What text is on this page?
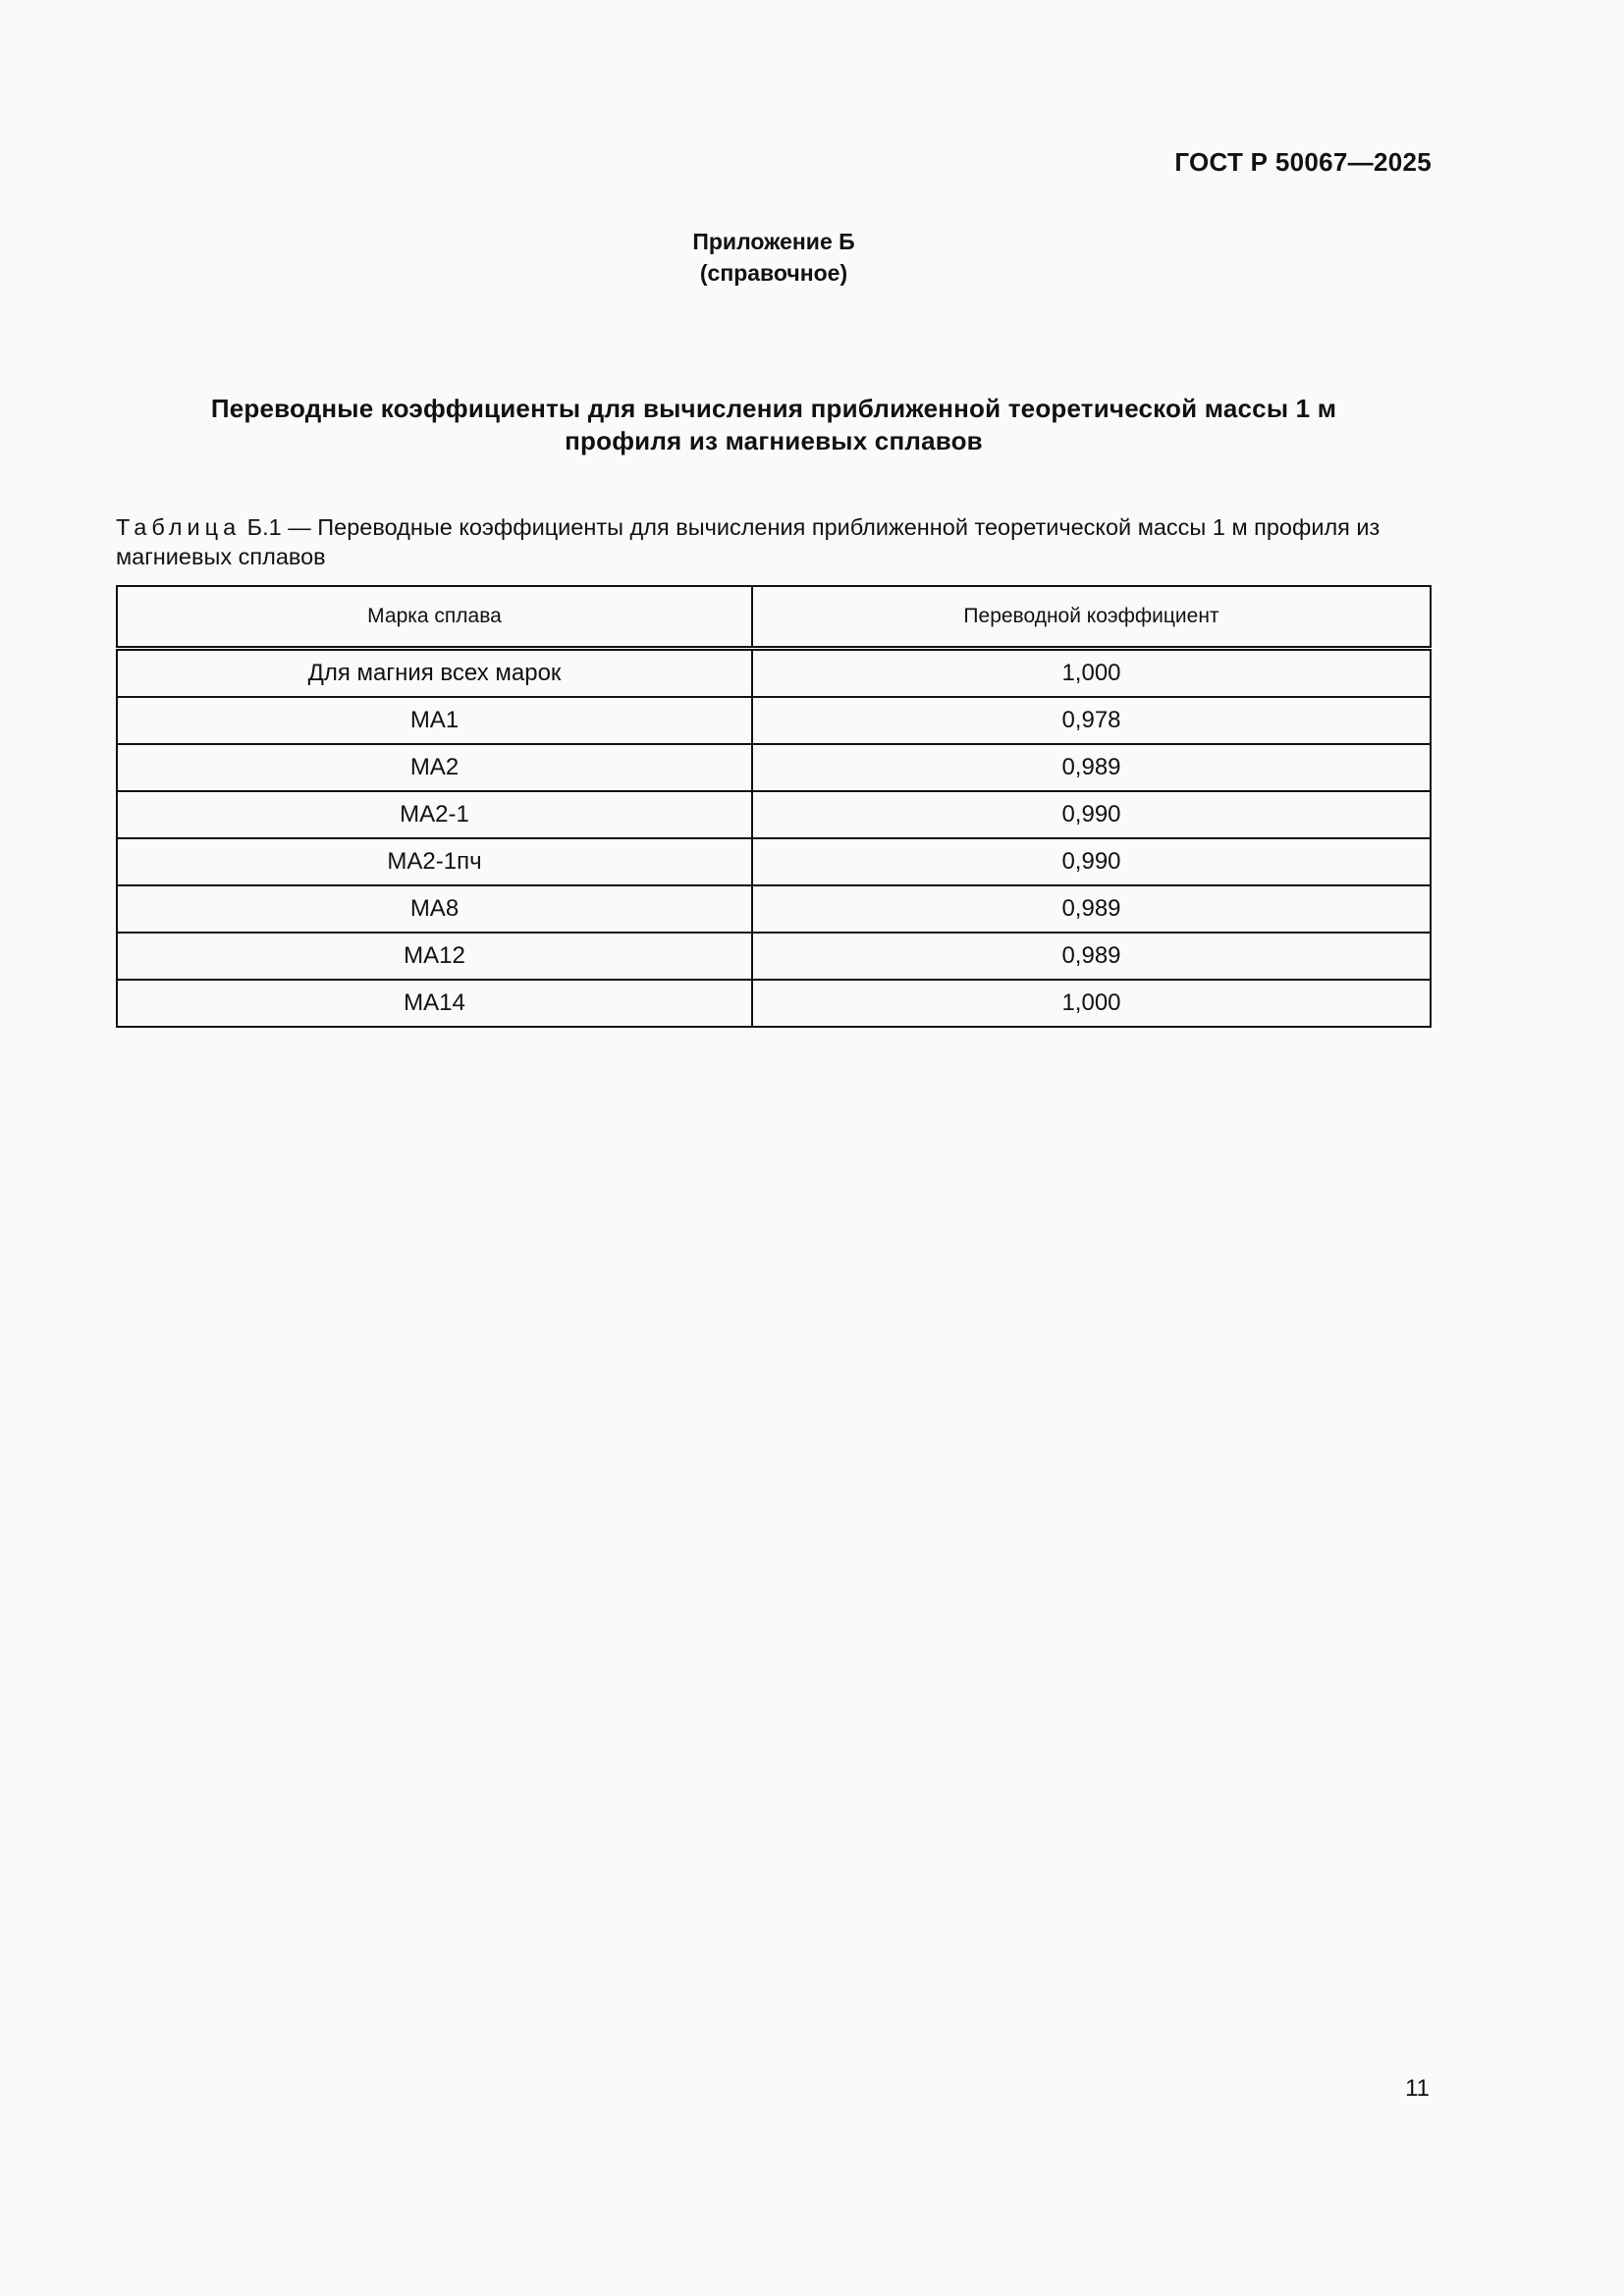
ГОСТ Р 50067—2025
Приложение Б
(справочное)
Переводные коэффициенты для вычисления приближенной теоретической массы 1 м
профиля из магниевых сплавов
Таблица Б.1 — Переводные коэффициенты для вычисления приближенной теоретической массы 1 м профиля из магниевых сплавов
Марка сплава	Переводной коэффициент
Для магния всех марок	1,000
МА1	0,978
МА2	0,989
МА2-1	0,990
МА2-1пч	0,990
МА8	0,989
МА12	0,989
МА14	1,000
11
